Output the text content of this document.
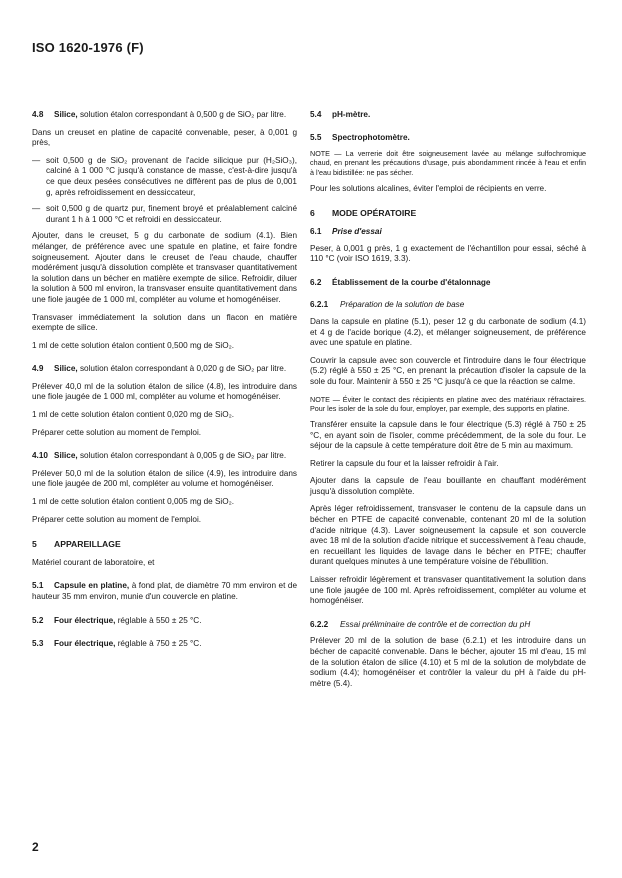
ISO 1620-1976 (F)

4.8 Silice, solution étalon correspondant à 0,500 g de SiO₂ par litre.

Dans un creuset en platine de capacité convenable, peser, à 0,001 g près,

— soit 0,500 g de SiO₂ provenant de l'acide silicique pur (H₂SiO₃), calciné à 1 000 °C jusqu'à constance de masse, c'est-à-dire jusqu'à ce que deux pesées consécutives ne diffèrent pas de plus de 0,001 g, après refroidissement en dessiccateur,
— soit 0,500 g de quartz pur, finement broyé et préalablement calciné durant 1 h à 1 000 °C et refroidi en dessiccateur.

Ajouter, dans le creuset, 5 g du carbonate de sodium (4.1). Bien mélanger, de préférence avec une spatule en platine, et faire fondre soigneusement. Ajouter dans le creuset de l'eau chaude, chauffer modérément jusqu'à dissolution complète et transvaser quantitativement la solution dans un bécher en matière exempte de silice. Refroidir, diluer la solution à 500 ml environ, la transvaser ensuite quantitativement dans une fiole jaugée de 1 000 ml, compléter au volume et homogénéiser.

Transvaser immédiatement la solution dans un flacon en matière exempte de silice.

1 ml de cette solution étalon contient 0,500 mg de SiO₂.

4.9 Silice, solution étalon correspondant à 0,020 g de SiO₂ par litre.

Prélever 40,0 ml de la solution étalon de silice (4.8), les introduire dans une fiole jaugée de 1 000 ml, compléter au volume et homogénéiser.

1 ml de cette solution étalon contient 0,020 mg de SiO₂.

Préparer cette solution au moment de l'emploi.

4.10 Silice, solution étalon correspondant à 0,005 g de SiO₂ par litre.

Prélever 50,0 ml de la solution étalon de silice (4.9), les introduire dans une fiole jaugée de 200 ml, compléter au volume et homogénéiser.

1 ml de cette solution étalon contient 0,005 mg de SiO₂.

Préparer cette solution au moment de l'emploi.

5 APPAREILLAGE

Matériel courant de laboratoire, et

5.1 Capsule en platine, à fond plat, de diamètre 70 mm environ et de hauteur 35 mm environ, munie d'un couvercle en platine.

5.2 Four électrique, réglable à 550 ± 25 °C.

5.3 Four électrique, réglable à 750 ± 25 °C.

5.4 pH-mètre.
5.5 Spectrophotomètre.
NOTE — La verrerie doit être soigneusement lavée au mélange sulfochromique chaud, en prenant les précautions d'usage, puis abondamment rincée à l'eau et enfin à l'eau bidistillée: ne pas sécher.

Pour les solutions alcalines, éviter l'emploi de récipients en verre.

6 MODE OPÉRATOIRE
6.1 Prise d'essai

Peser, à 0,001 g près, 1 g exactement de l'échantillon pour essai, séché à 110 °C (voir ISO 1619, 3.3).

6.2 Établissement de la courbe d'étalonnage
6.2.1 Préparation de la solution de base

Dans la capsule en platine (5.1), peser 12 g du carbonate de sodium (4.1) et 4 g de l'acide borique (4.2), et mélanger soigneusement, de préférence avec une spatule en platine.

Couvrir la capsule avec son couvercle et l'introduire dans le four électrique (5.2) réglé à 550 ± 25 °C, en prenant la précaution d'isoler la capsule de la sole du four. Maintenir à 550 ± 25 °C jusqu'à ce que la réaction se calme.

NOTE — Éviter le contact des récipients en platine avec des matériaux réfractaires. Pour les isoler de la sole du four, employer, par exemple, des supports en platine.

Transférer ensuite la capsule dans le four électrique (5.3) réglé à 750 ± 25 °C, en ayant soin de l'isoler, comme précédemment, de la sole du four. Le séjour de la capsule à cette température doit être de 5 min au maximum.

Retirer la capsule du four et la laisser refroidir à l'air.

Ajouter dans la capsule de l'eau bouillante en chauffant modérément jusqu'à dissolution complète.

Après léger refroidissement, transvaser le contenu de la capsule dans un bécher en PTFE de capacité convenable, contenant 20 ml de la solution d'acide nitrique (4.3). Laver soigneusement la capsule et son couvercle avec 18 ml de la solution d'acide nitrique et successivement à l'eau chaude, en recueillant les liquides de lavage dans le bécher en PTFE; chauffer durant quelques minutes à une température voisine de l'ébullition.

Laisser refroidir légèrement et transvaser quantitativement la solution dans une fiole jaugée de 100 ml. Après refroidissement, compléter au volume et homogénéiser.

6.2.2 Essai préliminaire de contrôle et de correction du pH

Prélever 20 ml de la solution de base (6.2.1) et les introduire dans un bécher de capacité convenable. Dans le bécher, ajouter 15 ml d'eau, 15 ml de la solution étalon de silice (4.10) et 5 ml de la solution de molybdate de sodium (4.4); homogénéiser et contrôler la valeur du pH à l'aide du pH-mètre (5.4).

2
